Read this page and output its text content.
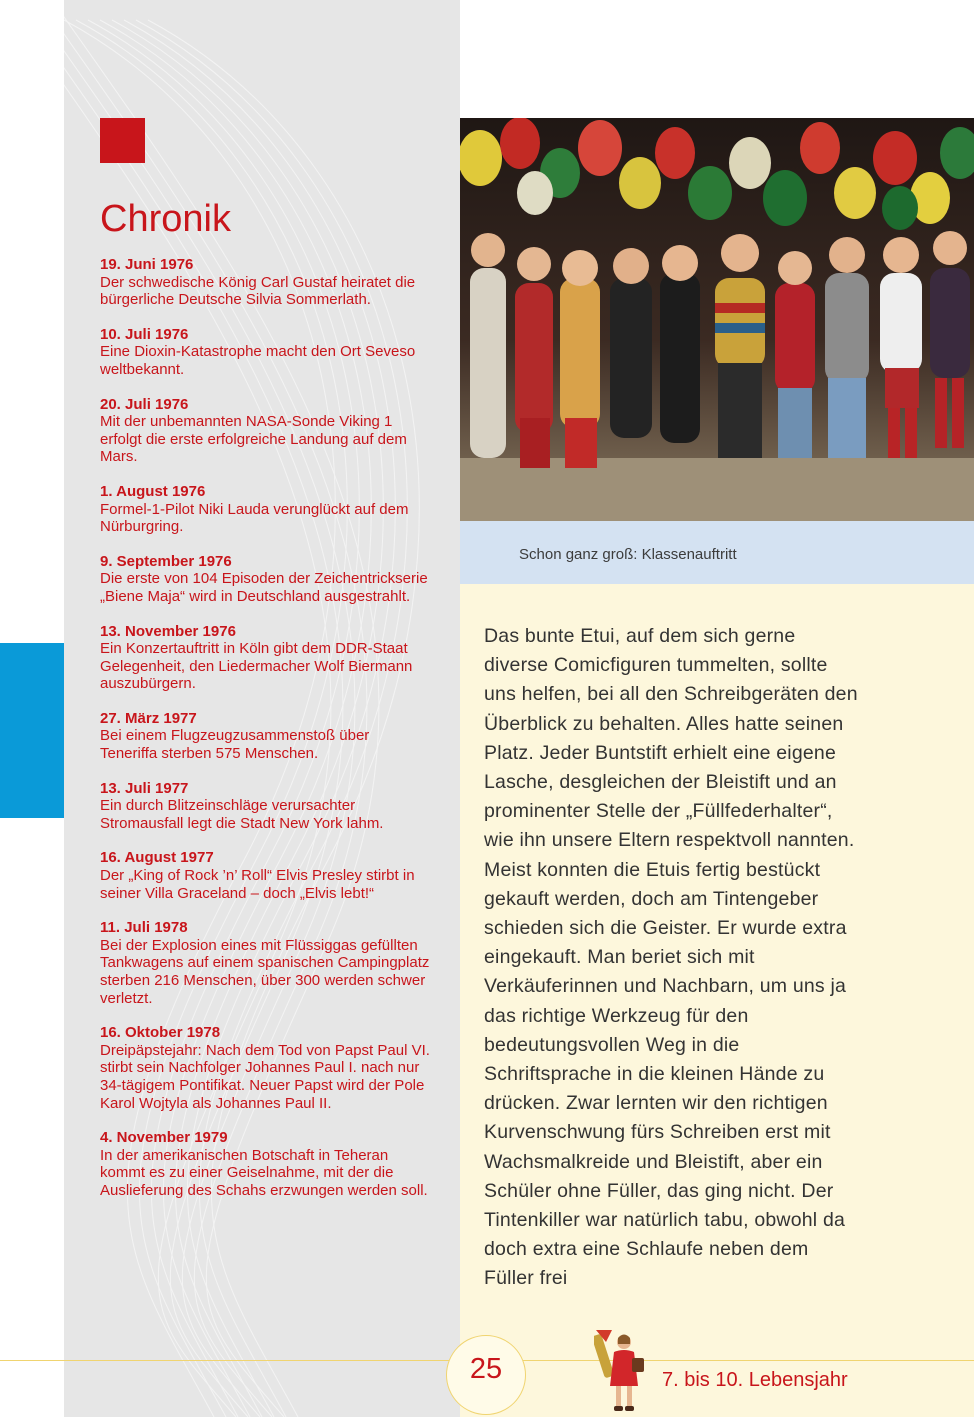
Chronik
19. Juni 1976
Der schwedische König Carl Gustaf heiratet die bürgerliche Deutsche Silvia Sommerlath.
10. Juli 1976
Eine Dioxin-Katastrophe macht den Ort Seveso weltbekannt.
20. Juli 1976
Mit der unbemannten NASA-Sonde Viking 1 erfolgt die erste erfolgreiche Landung auf dem Mars.
1. August 1976
Formel-1-Pilot Niki Lauda verunglückt auf dem Nürburgring.
9. September 1976
Die erste von 104 Episoden der Zeichentrickserie „Biene Maja“ wird in Deutschland ausgestrahlt.
13. November 1976
Ein Konzertauftritt in Köln gibt dem DDR-Staat Gelegenheit, den Liedermacher Wolf Biermann auszubürgern.
27. März 1977
Bei einem Flugzeugzusammenstoß über Teneriffa sterben 575 Menschen.
13. Juli 1977
Ein durch Blitzeinschläge verursachter Stromausfall legt die Stadt New York lahm.
16. August 1977
Der „King of Rock ’n’ Roll“ Elvis Presley stirbt in seiner Villa Graceland – doch „Elvis lebt!“
11. Juli 1978
Bei der Explosion eines mit Flüssiggas gefüllten Tankwagens auf einem spanischen Campingplatz sterben 216 Menschen, über 300 werden schwer verletzt.
16. Oktober 1978
Dreipäpstejahr: Nach dem Tod von Papst Paul VI. stirbt sein Nachfolger Johannes Paul I. nach nur 34-tägigem Pontifikat. Neuer Papst wird der Pole Karol Wojtyla als Johannes Paul II.
4. November 1979
In der amerikanischen Botschaft in Teheran kommt es zu einer Geiselnahme, mit der die Auslieferung des Schahs erzwungen werden soll.
Schon ganz groß: Klassenauftritt

Das bunte Etui, auf dem sich gerne diverse Comicfiguren tummelten, sollte uns helfen, bei all den Schreibgeräten den Überblick zu behalten. Alles hatte seinen Platz. Jeder Buntstift erhielt eine eigene Lasche, desgleichen der Bleistift und an prominenter Stelle der „Füllfederhalter“, wie ihn unsere Eltern respektvoll nannten. Meist konnten die Etuis fertig bestückt gekauft werden, doch am Tintengeber schieden sich die Geister. Er wurde extra eingekauft. Man beriet sich mit Verkäuferinnen und Nachbarn, um uns ja das richtige Werkzeug für den bedeutungsvollen Weg in die Schriftsprache in die kleinen Hände zu drücken. Zwar lernten wir den richtigen Kurvenschwung fürs Schreiben erst mit Wachsmalkreide und Bleistift, aber ein Schüler ohne Füller, das ging nicht. Der Tintenkiller war natürlich tabu, obwohl da doch extra eine Schlaufe neben dem Füller frei

25	7. bis 10. Lebensjahr
